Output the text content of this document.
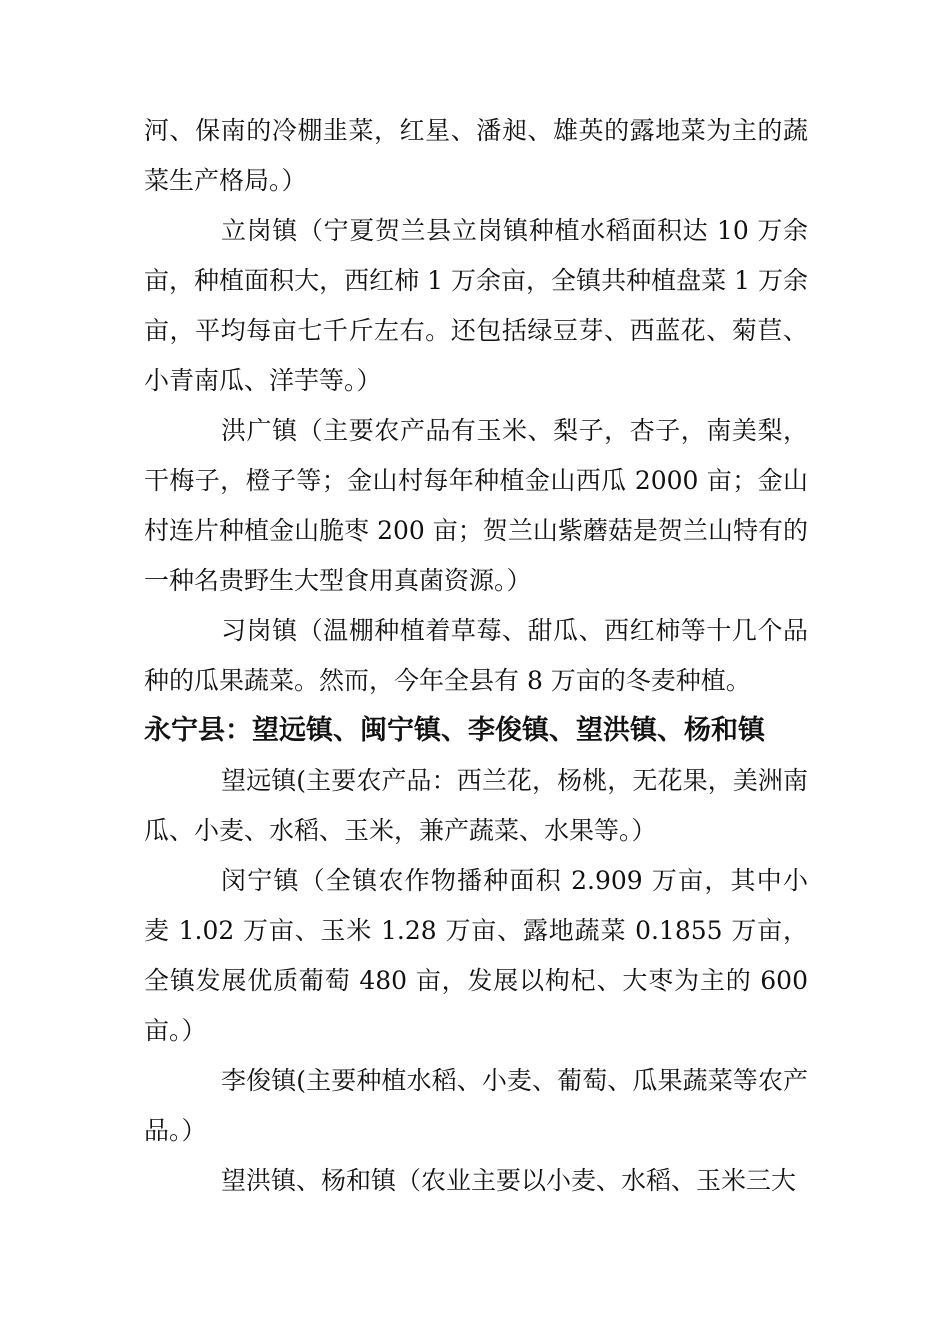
河、保南的冷棚韭菜，红星、潘昶、雄英的露地菜为主的蔬菜生产格局。）

立岗镇（宁夏贺兰县立岗镇种植水稻面积达 10 万余亩，种植面积大，西红柿 1 万余亩，全镇共种植盘菜 1 万余亩，平均每亩七千斤左右。还包括绿豆芽、西蓝花、菊苣、小青南瓜、洋芋等。）

洪广镇（主要农产品有玉米、梨子，杏子，南美梨，干梅子，橙子等；金山村每年种植金山西瓜 2000 亩；金山村连片种植金山脆枣 200 亩；贺兰山紫蘑菇是贺兰山特有的一种名贵野生大型食用真菌资源。）

习岗镇（温棚种植着草莓、甜瓜、西红柿等十几个品种的瓜果蔬菜。然而，今年全县有 8 万亩的冬麦种植。

永宁县：望远镇、闽宁镇、李俊镇、望洪镇、杨和镇

望远镇(主要农产品：西兰花，杨桃，无花果，美洲南瓜、小麦、水稻、玉米，兼产蔬菜、水果等。）

闵宁镇（全镇农作物播种面积 2.909 万亩，其中小麦 1.02 万亩、玉米 1.28 万亩、露地蔬菜 0.1855 万亩，全镇发展优质葡萄 480 亩，发展以枸杞、大枣为主的 600 亩。）

李俊镇(主要种植水稻、小麦、葡萄、瓜果蔬菜等农产品。）

望洪镇、杨和镇（农业主要以小麦、水稻、玉米三大
